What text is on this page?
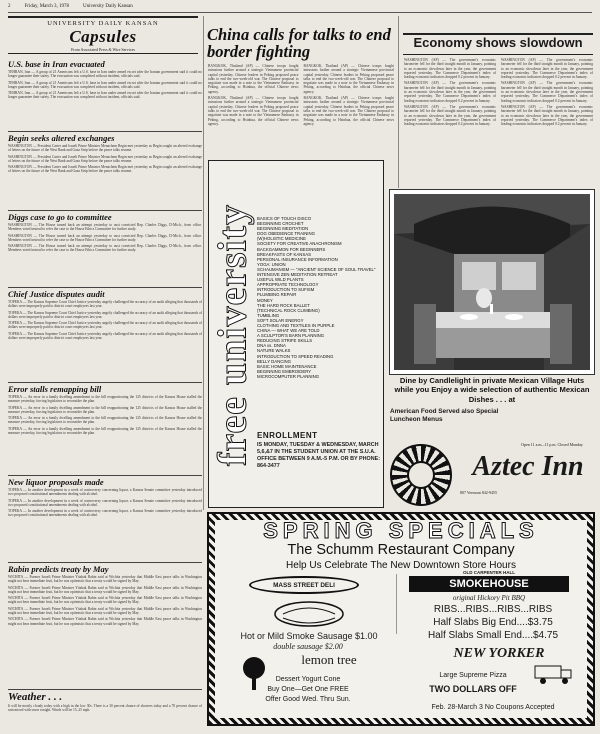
2	Friday, March 3, 1978	University Daily Kansan
UNIVERSITY DAILY KANSAN
Capsules
From Associated Press & Wire Services
U.S. base in Iran evacuated

TEHRAN, Iran — A group of 21 Americans left a U.S. base in Iran under armed escort after the Iranian government said it could no longer guarantee their safety. The evacuation was completed without incident, officials said.

TEHRAN, Iran — A group of 21 Americans left a U.S. base in Iran under armed escort after the Iranian government said it could no longer guarantee their safety. The evacuation was completed without incident, officials said.

TEHRAN, Iran — A group of 21 Americans left a U.S. base in Iran under armed escort after the Iranian government said it could no longer guarantee their safety. The evacuation was completed without incident, officials said.

Begin seeks altered exchanges

WASHINGTON — President Carter and Israeli Prime Minister Menachem Begin met yesterday as Begin sought an altered exchange of letters on the future of the West Bank and Gaza Strip before the peace talks resume.

WASHINGTON — President Carter and Israeli Prime Minister Menachem Begin met yesterday as Begin sought an altered exchange of letters on the future of the West Bank and Gaza Strip before the peace talks resume.

WASHINGTON — President Carter and Israeli Prime Minister Menachem Begin met yesterday as Begin sought an altered exchange of letters on the future of the West Bank and Gaza Strip before the peace talks resume.

Diggs case to go to committee

WASHINGTON — The House turned back an attempt yesterday to oust convicted Rep. Charles Diggs, D-Mich., from office. Members voted instead to refer the case to the House Ethics Committee for further study.

WASHINGTON — The House turned back an attempt yesterday to oust convicted Rep. Charles Diggs, D-Mich., from office. Members voted instead to refer the case to the House Ethics Committee for further study.

WASHINGTON — The House turned back an attempt yesterday to oust convicted Rep. Charles Diggs, D-Mich., from office. Members voted instead to refer the case to the House Ethics Committee for further study.

Chief Justice disputes audit

TOPEKA — The Kansas Supreme Court Chief Justice yesterday angrily challenged the accuracy of an audit alleging that thousands of dollars were improperly paid to district court employees last year.

TOPEKA — The Kansas Supreme Court Chief Justice yesterday angrily challenged the accuracy of an audit alleging that thousands of dollars were improperly paid to district court employees last year.

TOPEKA — The Kansas Supreme Court Chief Justice yesterday angrily challenged the accuracy of an audit alleging that thousands of dollars were improperly paid to district court employees last year.

TOPEKA — The Kansas Supreme Court Chief Justice yesterday angrily challenged the accuracy of an audit alleging that thousands of dollars were improperly paid to district court employees last year.

Error stalls remapping bill

TOPEKA — An error in a family dwelling amendment to the bill reapportioning the 125 districts of the Kansas House stalled the measure yesterday, forcing legislators to reconsider the plan.

TOPEKA — An error in a family dwelling amendment to the bill reapportioning the 125 districts of the Kansas House stalled the measure yesterday, forcing legislators to reconsider the plan.

TOPEKA — An error in a family dwelling amendment to the bill reapportioning the 125 districts of the Kansas House stalled the measure yesterday, forcing legislators to reconsider the plan.

TOPEKA — An error in a family dwelling amendment to the bill reapportioning the 125 districts of the Kansas House stalled the measure yesterday, forcing legislators to reconsider the plan.

New liquor proposals made

TOPEKA — In another development in a week of controversy concerning liquor, a Kansas Senate committee yesterday introduced two proposed constitutional amendments dealing with alcohol.

TOPEKA — In another development in a week of controversy concerning liquor, a Kansas Senate committee yesterday introduced two proposed constitutional amendments dealing with alcohol.

TOPEKA — In another development in a week of controversy concerning liquor, a Kansas Senate committee yesterday introduced two proposed constitutional amendments dealing with alcohol.

Rabin predicts treaty by May

WICHITA — Former Israeli Prime Minister Yitzhak Rabin said at Wichita yesterday that Middle East peace talks in Washington might not bear immediate fruit, but he was optimistic that a treaty would be signed by May.

WICHITA — Former Israeli Prime Minister Yitzhak Rabin said at Wichita yesterday that Middle East peace talks in Washington might not bear immediate fruit, but he was optimistic that a treaty would be signed by May.

WICHITA — Former Israeli Prime Minister Yitzhak Rabin said at Wichita yesterday that Middle East peace talks in Washington might not bear immediate fruit, but he was optimistic that a treaty would be signed by May.

WICHITA — Former Israeli Prime Minister Yitzhak Rabin said at Wichita yesterday that Middle East peace talks in Washington might not bear immediate fruit, but he was optimistic that a treaty would be signed by May.

WICHITA — Former Israeli Prime Minister Yitzhak Rabin said at Wichita yesterday that Middle East peace talks in Washington might not bear immediate fruit, but he was optimistic that a treaty would be signed by May.

Weather . . .

It will be mostly cloudy today with a high in the low 30s. There is a 30 percent chance of showers today and a 70 percent chance of rain mixed with snow tonight. Winds will be 15–25 mph.

China calls for talks to end border fighting

BANGKOK, Thailand (AP) — Chinese troops fought intrusions further around a strategic Vietnamese provincial capital yesterday. Chinese leaders in Peking proposed peace talks to end the two-week-old war. The Chinese proposal to negotiate was made in a note to the Vietnamese Embassy in Peking, according to Hsinhua, the official Chinese news agency.

BANGKOK, Thailand (AP) — Chinese troops fought intrusions further around a strategic Vietnamese provincial capital yesterday. Chinese leaders in Peking proposed peace talks to end the two-week-old war. The Chinese proposal to negotiate was made in a note to the Vietnamese Embassy in Peking, according to Hsinhua, the official Chinese news agency.

BANGKOK, Thailand (AP) — Chinese troops fought intrusions further around a strategic Vietnamese provincial capital yesterday. Chinese leaders in Peking proposed peace talks to end the two-week-old war. The Chinese proposal to negotiate was made in a note to the Vietnamese Embassy in Peking, according to Hsinhua, the official Chinese news agency.

BANGKOK, Thailand (AP) — Chinese troops fought intrusions further around a strategic Vietnamese provincial capital yesterday. Chinese leaders in Peking proposed peace talks to end the two-week-old war. The Chinese proposal to negotiate was made in a note to the Vietnamese Embassy in Peking, according to Hsinhua, the official Chinese news agency.

Economy shows slowdown

WASHINGTON (AP) — The government's economic barometer fell for the third straight month in January, pointing to an economic slowdown later in the year, the government reported yesterday. The Commerce Department's index of leading economic indicators dropped 0.2 percent in January.

WASHINGTON (AP) — The government's economic barometer fell for the third straight month in January, pointing to an economic slowdown later in the year, the government reported yesterday. The Commerce Department's index of leading economic indicators dropped 0.2 percent in January.

WASHINGTON (AP) — The government's economic barometer fell for the third straight month in January, pointing to an economic slowdown later in the year, the government reported yesterday. The Commerce Department's index of leading economic indicators dropped 0.2 percent in January.

WASHINGTON (AP) — The government's economic barometer fell for the third straight month in January, pointing to an economic slowdown later in the year, the government reported yesterday. The Commerce Department's index of leading economic indicators dropped 0.2 percent in January.

WASHINGTON (AP) — The government's economic barometer fell for the third straight month in January, pointing to an economic slowdown later in the year, the government reported yesterday. The Commerce Department's index of leading economic indicators dropped 0.2 percent in January.

WASHINGTON (AP) — The government's economic barometer fell for the third straight month in January, pointing to an economic slowdown later in the year, the government reported yesterday. The Commerce Department's index of leading economic indicators dropped 0.2 percent in January.

free university BASICS OF TOUCH DISCO
BEGINNING CROCHET
BEGINNING MEDITATION
DOG OBEDIENCE TRAINING
(W)HOLISTIC MEDICINE
SOCIETY FOR CREATIVE ANACHRONISM
BACKGAMMON FOR BEGINNERS
BREAKFASTS OF KANSAS
PERSONAL INSURANCE INFORMATION
YOGA: UNION
SCHAUMANISM — "ANCIENT SCIENCE OF SOUL TRAVEL"
INTENSIVE ZEN MEDITATION RETREAT
USEFUL WILD PLANTS
APPROPRIATE TECHNOLOGY
INTRODUCTION TO SUFISM
PLUMBING REPAIR
MONEY
THE HARD ROCK BALLET
(TECHNICAL ROCK CLIMBING)
TUMBLING
SOFT SOLAR ENERGY
CLOTHING AND TEXTILES IN PURPLE
CHINA — WHAT WE ARE TOLD
A SCULPTOR'S BARN PLANNING
REDUCING STRIFE SKILLS
DNA vs. DNNA
NATURE WALKS
INTRODUCTION TO SPEED READING
BELLY DANCING
BASIC HOME MAINTENANCE
BEGINNING EMBROIDERY
MICROCOMPUTER PLANNING
ENROLLMENT
IS MONDAY, TUESDAY & WEDNESDAY, MARCH 5,6,&7 IN THE STUDENT UNION AT THE S.U.A. OFFICE BETWEEN 9 A.M.-5 P.M. OR BY PHONE: 864-3477
Dine by Candlelight in private Mexican Village Huts while you Enjoy a wide selection of authentic Mexican Dishes . . . at
American Food Served also Special Luncheon Menus
Open 11 a.m.–11 p.m. Closed Monday
Aztec Inn
807 Vermont 842-9455
SPRING SPECIALS
The Schumm Restaurant Company
Help Us Celebrate The New Downtown Store Hours
MASS STREET DELI
Hot or Mild Smoke Sausage $1.00
double sausage $2.00
lemon tree
Dessert Yogurt Cone
Buy One—Get One FREE
Offer Good Wed. Thru Sun.
SMOKEHOUSE
OLD CARPENTER HALL
original Hickory Pit BBQ
RIBS...RIBS...RIBS...RIBS
Half Slabs Big End....$3.75
Half Slabs Small End....$4.75
NEW YORKER
Large Supreme Pizza
TWO DOLLARS OFF
Feb. 28-March 3 No Coupons Accepted
